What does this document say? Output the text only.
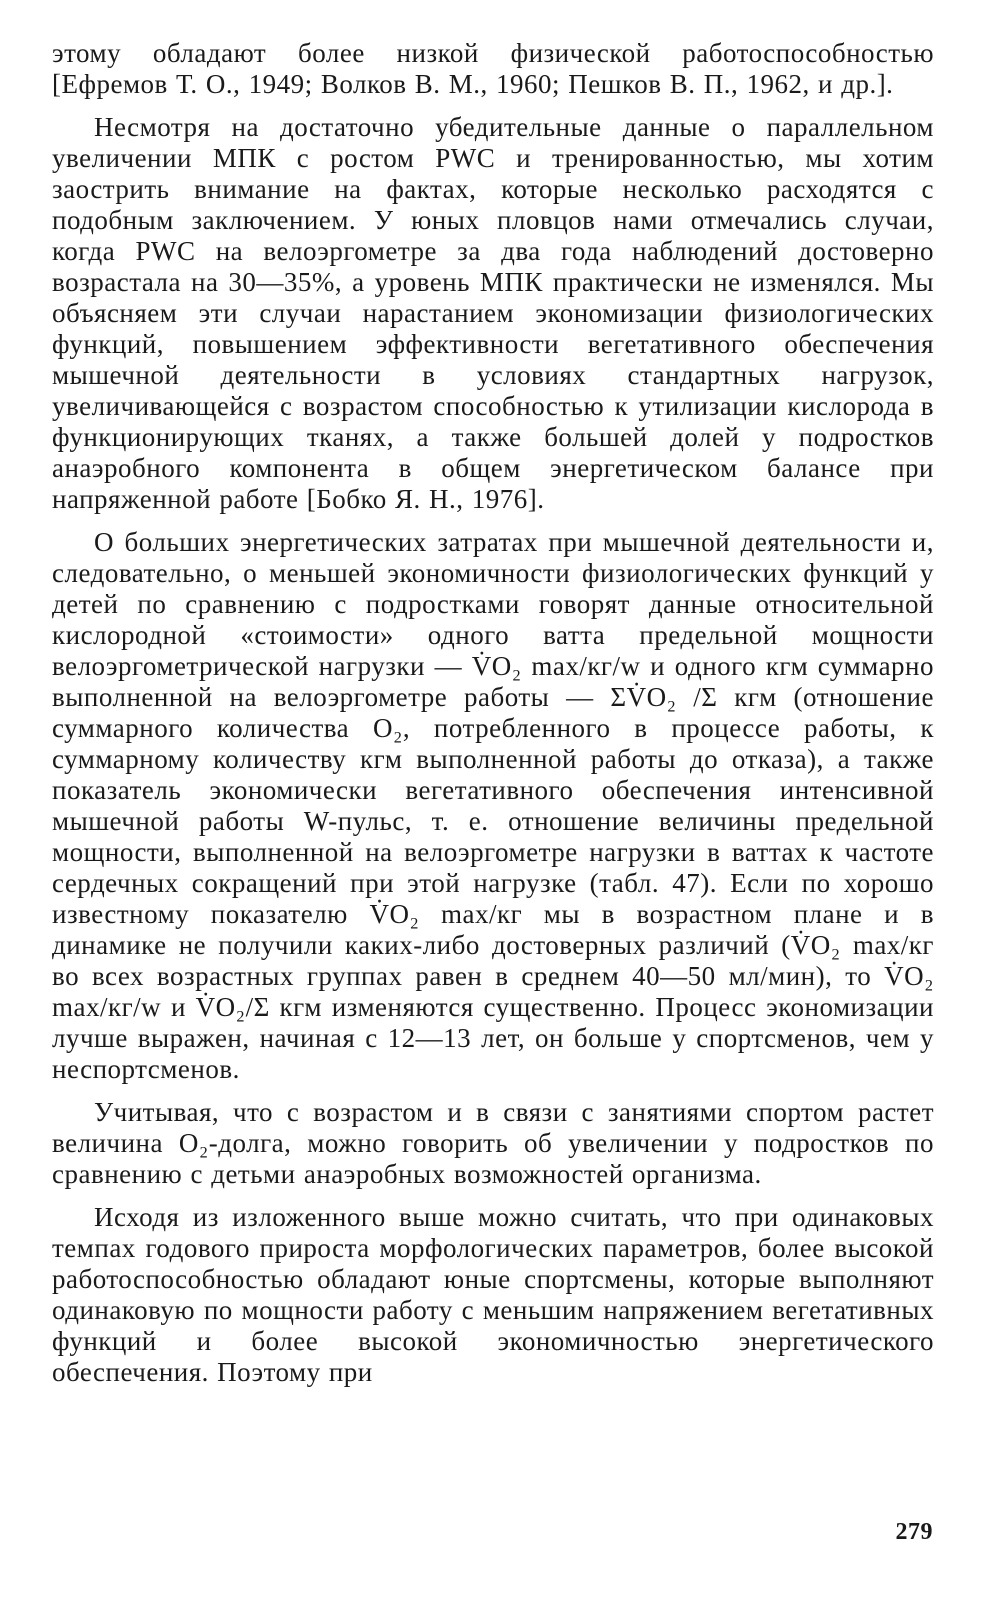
этому обладают более низкой физической работоспособностью [Ефремов Т. О., 1949; Волков В. М., 1960; Пешков В. П., 1962, и др.].

Несмотря на достаточно убедительные данные о параллельном увеличении МПК с ростом PWC и тренированностью, мы хотим заострить внимание на фактах, которые несколько расходятся с подобным заключением. У юных пловцов нами отмечались случаи, когда PWC на велоэргометре за два года наблюдений достоверно возрастала на 30—35%, а уровень МПК практически не изменялся. Мы объясняем эти случаи нарастанием экономизации физиологических функций, повышением эффективности вегетативного обеспечения мышечной деятельности в условиях стандартных нагрузок, увеличивающейся с возрастом способностью к утилизации кислорода в функционирующих тканях, а также большей долей у подростков анаэробного компонента в общем энергетическом балансе при напряженной работе [Бобко Я. Н., 1976].

О больших энергетических затратах при мышечной деятельности и, следовательно, о меньшей экономичности физиологических функций у детей по сравнению с подростками говорят данные относительной кислородной «стоимости» одного ватта предельной мощности велоэргометрической нагрузки — V̇O₂ max/кг/w и одного кгм суммарно выполненной на велоэргометре работы — ΣV̇O₂ /Σ кгм (отношение суммарного количества O₂, потребленного в процессе работы, к суммарному количеству кгм выполненной работы до отказа), а также показатель экономически вегетативного обеспечения интенсивной мышечной работы W-пульс, т. е. отношение величины предельной мощности, выполненной на велоэргометре нагрузки в ваттах к частоте сердечных сокращений при этой нагрузке (табл. 47). Если по хорошо известному показателю V̇O₂ max/кг мы в возрастном плане и в динамике не получили каких-либо достоверных различий (V̇O₂ max/кг во всех возрастных группах равен в среднем 40—50 мл/мин), то V̇O₂ max/кг/w и V̇O₂/Σ кгм изменяются существенно. Процесс экономизации лучше выражен, начиная с 12—13 лет, он больше у спортсменов, чем у неспортсменов.

Учитывая, что с возрастом и в связи с занятиями спортом растет величина O₂-долга, можно говорить об увеличении у подростков по сравнению с детьми анаэробных возможностей организма.

Исходя из изложенного выше можно считать, что при одинаковых темпах годового прироста морфологических параметров, более высокой работоспособностью обладают юные спортсмены, которые выполняют одинаковую по мощности работу с меньшим напряжением вегетативных функций и более высокой экономичностью энергетического обеспечения. Поэтому при

279
